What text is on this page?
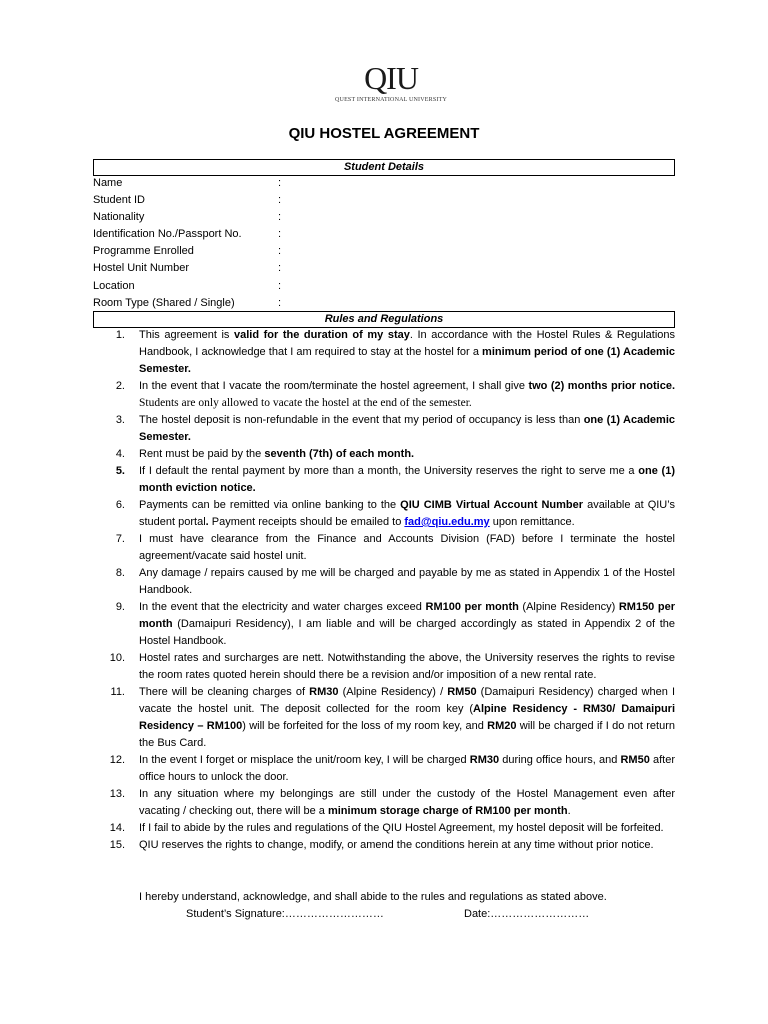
QIU
QUEST INTERNATIONAL UNIVERSITY
QIU HOSTEL AGREEMENT
Student Details
Name	:
Student ID	:
Nationality	:
Identification No./Passport No.	:
Programme Enrolled	:
Hostel Unit Number	:
Location	:
Room Type (Shared / Single)	:
Rules and Regulations
1. This agreement is valid for the duration of my stay. In accordance with the Hostel Rules & Regulations Handbook, I acknowledge that I am required to stay at the hostel for a minimum period of one (1) Academic Semester.
2. In the event that I vacate the room/terminate the hostel agreement, I shall give two (2) months prior notice. Students are only allowed to vacate the hostel at the end of the semester.
3. The hostel deposit is non-refundable in the event that my period of occupancy is less than one (1) Academic Semester.
4. Rent must be paid by the seventh (7th) of each month.
5. If I default the rental payment by more than a month, the University reserves the right to serve me a one (1) month eviction notice.
6. Payments can be remitted via online banking to the QIU CIMB Virtual Account Number available at QIU’s student portal. Payment receipts should be emailed to fad@qiu.edu.my upon remittance.
7. I must have clearance from the Finance and Accounts Division (FAD) before I terminate the hostel agreement/vacate said hostel unit.
8. Any damage / repairs caused by me will be charged and payable by me as stated in Appendix 1 of the Hostel Handbook.
9. In the event that the electricity and water charges exceed RM100 per month (Alpine Residency) RM150 per month (Damaipuri Residency), I am liable and will be charged accordingly as stated in Appendix 2 of the Hostel Handbook.
10. Hostel rates and surcharges are nett. Notwithstanding the above, the University reserves the rights to revise the room rates quoted herein should there be a revision and/or imposition of a new rental rate.
11. There will be cleaning charges of RM30 (Alpine Residency) / RM50 (Damaipuri Residency) charged when I vacate the hostel unit. The deposit collected for the room key (Alpine Residency - RM30/ Damaipuri Residency – RM100) will be forfeited for the loss of my room key, and RM20 will be charged if I do not return the Bus Card.
12. In the event I forget or misplace the unit/room key, I will be charged RM30 during office hours, and RM50 after office hours to unlock the door.
13. In any situation where my belongings are still under the custody of the Hostel Management even after vacating / checking out, there will be a minimum storage charge of RM100 per month.
14. If I fail to abide by the rules and regulations of the QIU Hostel Agreement, my hostel deposit will be forfeited.
15. QIU reserves the rights to change, modify, or amend the conditions herein at any time without prior notice.
I hereby understand, acknowledge, and shall abide to the rules and regulations as stated above.
Student’s Signature:………………………	Date:………………………
